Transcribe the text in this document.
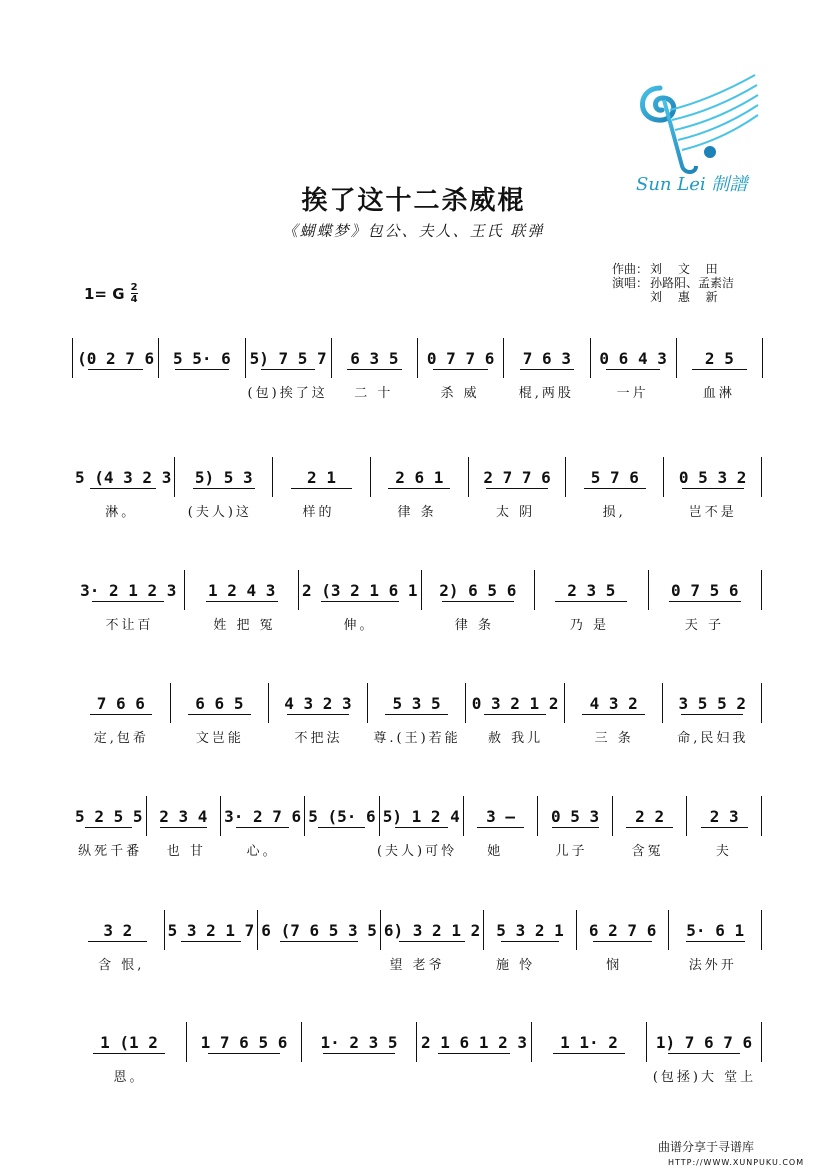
Sun Lei 制譜
挨了这十二杀威棍
《蝴蝶梦》包公、夫人、王氏 联弹
作曲： 刘 文 田
演唱： 孙路阳、孟素洁
刘 惠 新
1= G $\frac{2}{4}$
(0 2 7 6 5 5· 6 5) 7 5 7 6 3 5 0 7 7 6 7 6 3 0 6 4 3 2 5
(包)挨了这	二 十	杀 威	棍,两股	一片	血淋
5 (4 3 2 3 5) 5 3	2 1	2 6 1 2 7 7 6 5 7 6 0 5 3 2
淋。	(夫人)这	样的	律 条	太 阴	损,	岂不是
3· 2 1 2 3 1 2 4 3 2 (3 2 1 6 1 2) 6 5 6	2 3 5	0 7 5 6
不让百	姓 把 冤	伸。	律 条	乃 是	天 子
7 6 6	6 6 5	4 3 2 3	5 3 5 0 3 2 1 2 4 3 2	3 5 5 2
定,包希	文岂能	不把法	尊.(王)若能	赦 我儿	三 条	命,民妇我
5 2 5 5 2 3 4 3· 2 7 6 5 (5· 6 5) 1 2 4 3 – 0 5 3 2 2	2 3
纵死千番	也 甘	心。	(夫人)可怜	她	儿子	含冤	夫
3 2 5 3 2 1 7 6 (7 6 5 3 5 6) 3 2 1 2 5 3 2 1 6 2 7 6 5· 6 1
含 恨,	望 老爷	施 怜	悯	法外开
1 (1 2	1 7 6 5 6 1· 2 3 5 2 1 6 1 2 3 1 1· 2 1) 7 6 7 6
恩。	(包拯)大 堂上
曲谱分享于寻谱库
HTTP://WWW.XUNPUKU.COM
